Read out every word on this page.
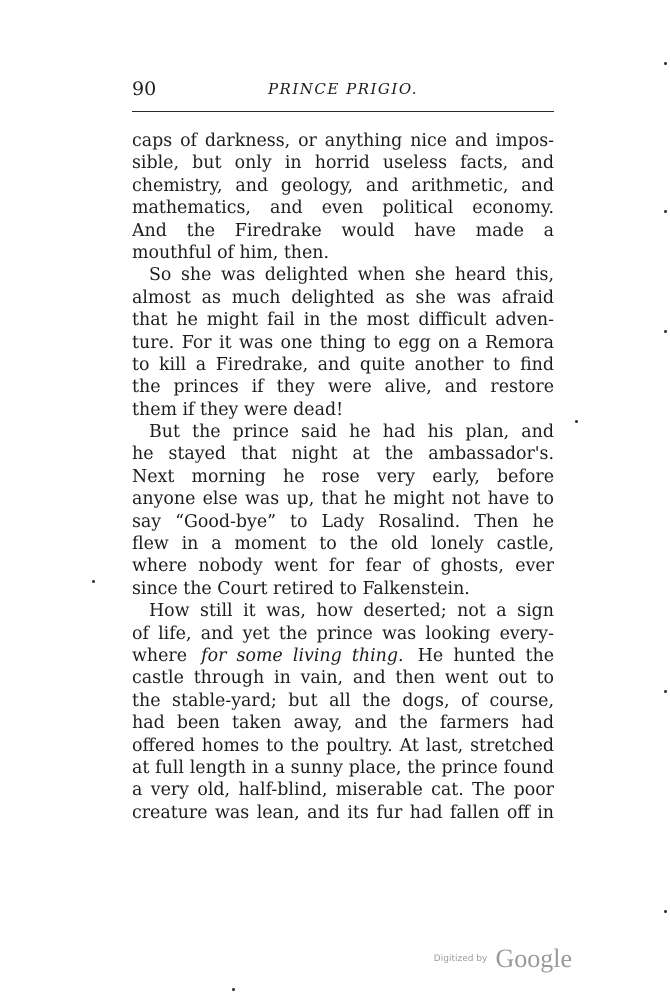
90	PRINCE PRIGIO.
caps of darkness, or anything nice and impos-
sible, but only in horrid useless facts, and
chemistry, and geology, and arithmetic, and
mathematics, and even political economy.
And the Firedrake would have made a
mouthful of him, then.
So she was delighted when she heard this,
almost as much delighted as she was afraid
that he might fail in the most difficult adven-
ture. For it was one thing to egg on a Remora
to kill a Firedrake, and quite another to find
the princes if they were alive, and restore
them if they were dead!
But the prince said he had his plan, and
he stayed that night at the ambassador's.
Next morning he rose very early, before
anyone else was up, that he might not have to
say “Good-bye” to Lady Rosalind. Then he
flew in a moment to the old lonely castle,
where nobody went for fear of ghosts, ever
since the Court retired to Falkenstein.
How still it was, how deserted; not a sign
of life, and yet the prince was looking every-
where for some living thing. He hunted the
castle through in vain, and then went out to
the stable-yard; but all the dogs, of course,
had been taken away, and the farmers had
offered homes to the poultry. At last, stretched
at full length in a sunny place, the prince found
a very old, half-blind, miserable cat. The poor
creature was lean, and its fur had fallen off in
Digitized by Google
